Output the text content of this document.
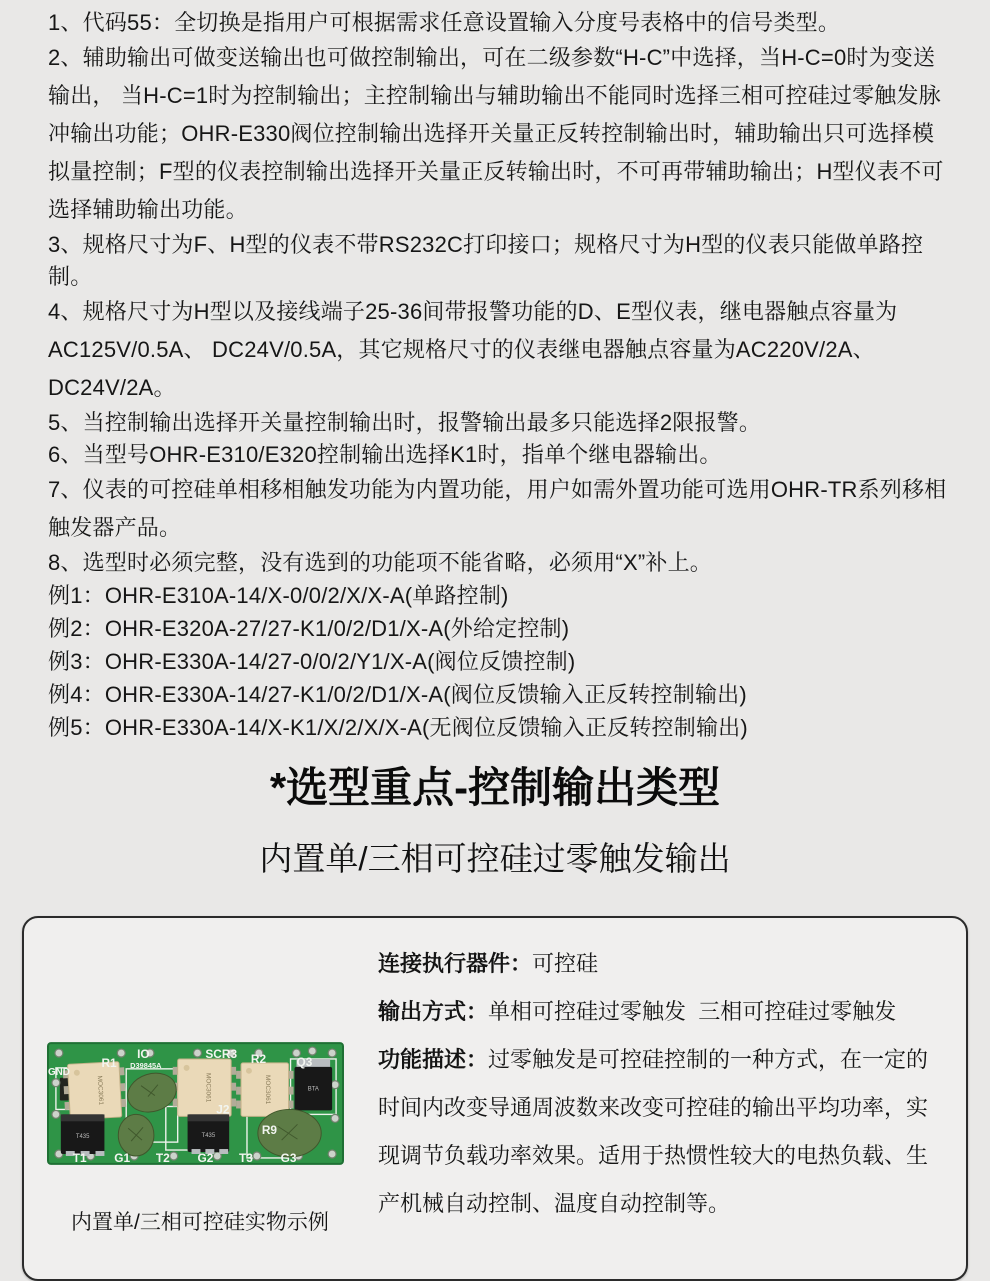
1、代码55：全切换是指用户可根据需求任意设置输入分度号表格中的信号类型。

2、辅助输出可做变送输出也可做控制输出，可在二级参数“H-C”中选择，当H-C=0时为变送输出， 当H-C=1时为控制输出；主控制输出与辅助输出不能同时选择三相可控硅过零触发脉冲输出功能；OHR-E330阀位控制输出选择开关量正反转控制输出时，辅助输出只可选择模拟量控制；F型的仪表控制输出选择开关量正反转输出时，不可再带辅助输出；H型仪表不可选择辅助输出功能。

3、规格尺寸为F、H型的仪表不带RS232C打印接口；规格尺寸为H型的仪表只能做单路控制。

4、规格尺寸为H型以及接线端子25-36间带报警功能的D、E型仪表，继电器触点容量为AC125V/0.5A、 DC24V/0.5A，其它规格尺寸的仪表继电器触点容量为AC220V/2A、DC24V/2A。

5、当控制输出选择开关量控制输出时，报警输出最多只能选择2限报警。

6、当型号OHR-E310/E320控制输出选择K1时，指单个继电器输出。

7、仪表的可控硅单相移相触发功能为内置功能，用户如需外置功能可选用OHR-TR系列移相触发器产品。

8、选型时必须完整，没有选到的功能项不能省略，必须用“X”补上。

例1：OHR-E310A-14/X-0/0/2/X/X-A(单路控制)

例2：OHR-E320A-27/27-K1/0/2/D1/X-A(外给定控制)

例3：OHR-E330A-14/27-0/0/2/Y1/X-A(阀位反馈控制)

例4：OHR-E330A-14/27-K1/0/2/D1/X-A(阀位反馈输入正反转控制输出)

例5：OHR-E330A-14/X-K1/X/2/X/X-A(无阀位反馈输入正反转控制输出)

*选型重点-控制输出类型
内置单/三相可控硅过零触发输出
MOC3061	MOC3061	MOC3061
T435	T435
BTA
GND
R1
IO
D39845A
SCR3 R2	Q3
J2
R9
T1 G1 T2 G2 T3 G3

内置单/三相可控硅实物示例

连接执行器件：可控硅

输出方式：单相可控硅过零触发  三相可控硅过零触发

功能描述：过零触发是可控硅控制的一种方式，在一定的时间内改变导通周波数来改变可控硅的输出平均功率，实现调节负载功率效果。适用于热惯性较大的电热负载、生产机械自动控制、温度自动控制等。
